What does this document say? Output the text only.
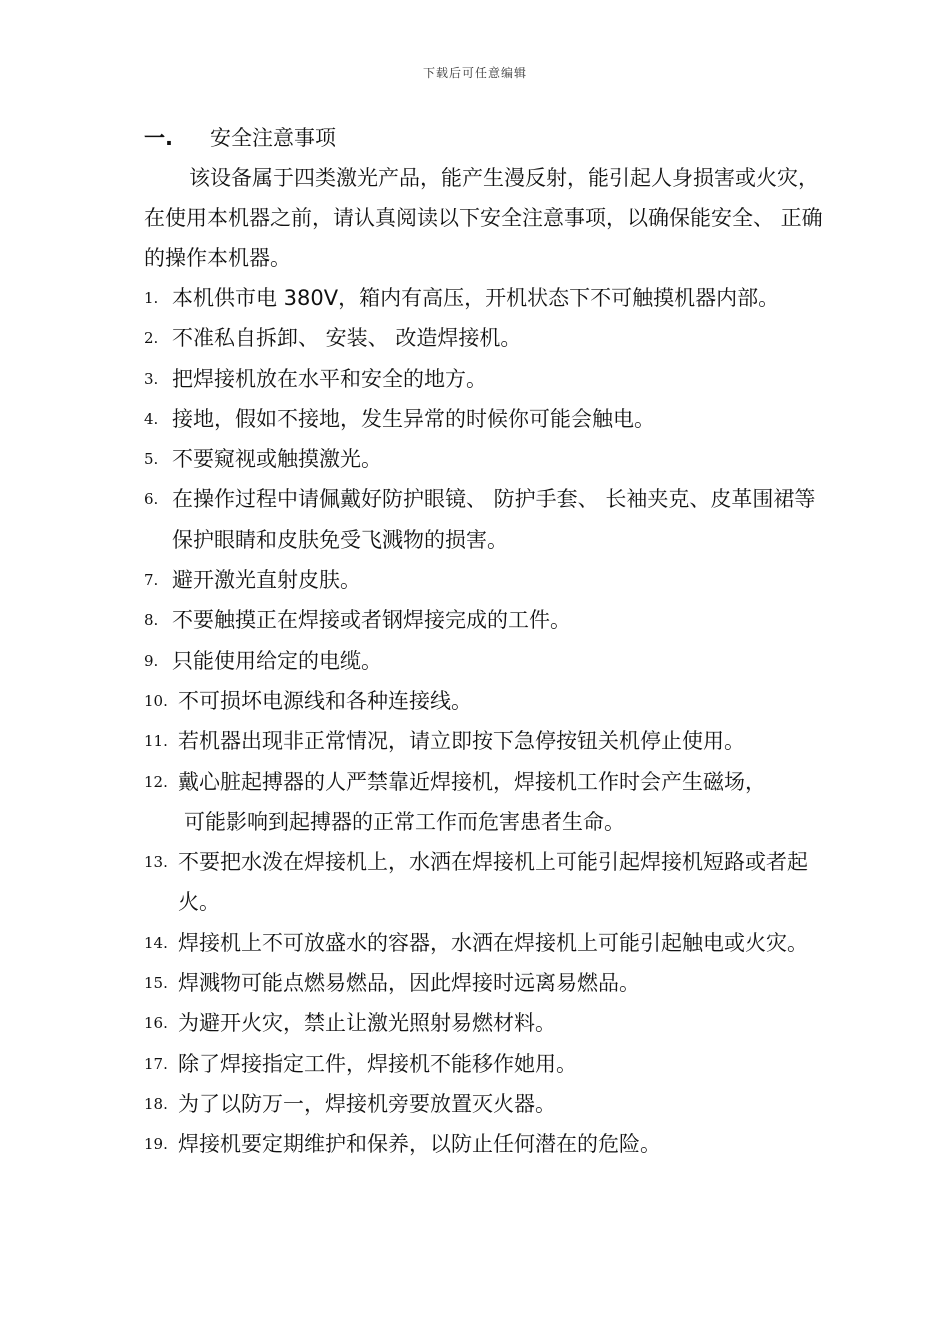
下载后可任意编辑
一. 安全注意事项

该设备属于四类激光产品，能产生漫反射，能引起人身损害或火灾，在使用本机器之前，请认真阅读以下安全注意事项，以确保能安全、 正确的操作本机器。

1. 本机供市电 380V，箱内有高压，开机状态下不可触摸机器内部。
2. 不准私自拆卸、 安装、 改造焊接机。
3. 把焊接机放在水平和安全的地方。
4. 接地，假如不接地，发生异常的时候你可能会触电。
5. 不要窥视或触摸激光。
6. 在操作过程中请佩戴好防护眼镜、 防护手套、 长袖夹克、皮革围裙等保护眼睛和皮肤免受飞溅物的损害。
7. 避开激光直射皮肤。
8. 不要触摸正在焊接或者钢焊接完成的工件。
9. 只能使用给定的电缆。
10. 不可损坏电源线和各种连接线。
11. 若机器出现非正常情况，请立即按下急停按钮关机停止使用。
12. 戴心脏起搏器的人严禁靠近焊接机，焊接机工作时会产生磁场，
可能影响到起搏器的正常工作而危害患者生命。
13. 不要把水泼在焊接机上，水洒在焊接机上可能引起焊接机短路或者起火。
14. 焊接机上不可放盛水的容器，水洒在焊接机上可能引起触电或火灾。
15. 焊溅物可能点燃易燃品，因此焊接时远离易燃品。
16. 为避开火灾，禁止让激光照射易燃材料。
17. 除了焊接指定工件，焊接机不能移作她用。
18. 为了以防万一，焊接机旁要放置灭火器。
19. 焊接机要定期维护和保养，以防止任何潜在的危险。
